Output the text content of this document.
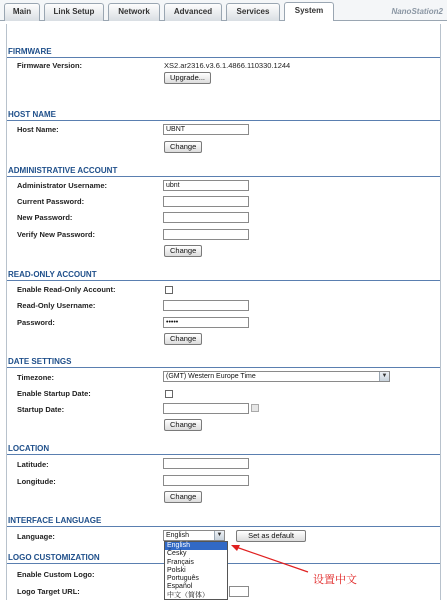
Main	Link Setup	Network	Advanced	Services	System	NanoStation2
FIRMWARE
Firmware Version:	XS2.ar2316.v3.6.1.4866.110330.1244
Upgrade...
HOST NAME
Host Name:	UBNT
Change
ADMINISTRATIVE ACCOUNT
Administrator Username:	ubnt
Current Password:
New Password:
Verify New Password:
Change
READ-ONLY ACCOUNT
Enable Read-Only Account:
Read-Only Username:
Password:	•••••
Change
DATE SETTINGS
Timezone:	(GMT) Western Europe Time	▼
Enable Startup Date:
Startup Date:
Change
LOCATION
Latitude:
Longitude:
Change
INTERFACE LANGUAGE
Language:	English	▼	Set as default
LOGO CUSTOMIZATION
Enable Custom Logo:
Logo Target URL:
English
Česky
Français
Polski
Português
Español
中文（简体）
设置中文
